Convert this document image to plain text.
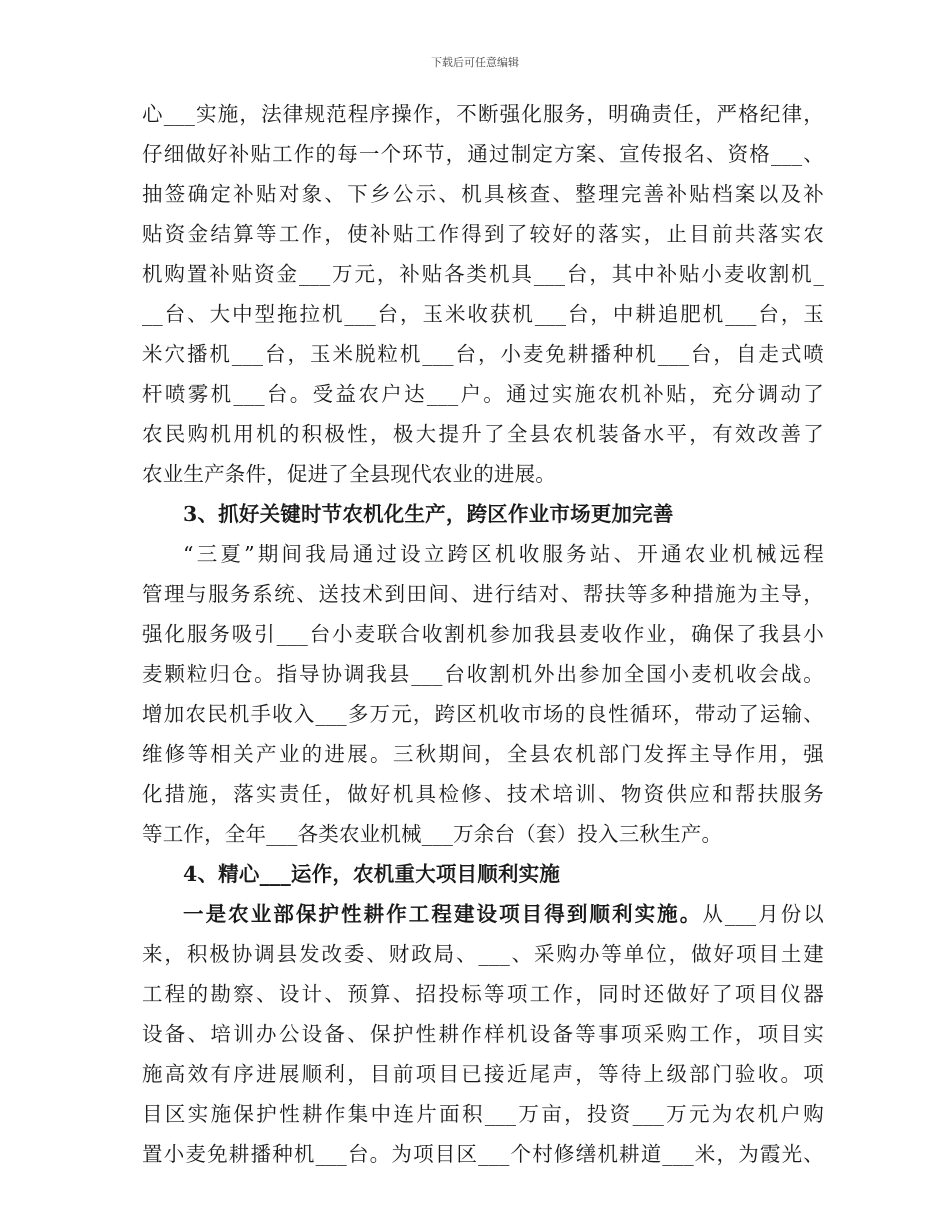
下载后可任意编辑
心___实施，法律规范程序操作，不断强化服务，明确责任，严格纪律，
仔细做好补贴工作的每一个环节，通过制定方案、宣传报名、资格___、
抽签确定补贴对象、下乡公示、机具核查、整理完善补贴档案以及补
贴资金结算等工作，使补贴工作得到了较好的落实，止目前共落实农
机购置补贴资金___万元，补贴各类机具___台，其中补贴小麦收割机_
__台、大中型拖拉机___台，玉米收获机___台，中耕追肥机___台，玉
米穴播机___台，玉米脱粒机___台，小麦免耕播种机___台，自走式喷
杆喷雾机___台。受益农户达___户。通过实施农机补贴，充分调动了
农民购机用机的积极性，极大提升了全县农机装备水平，有效改善了
农业生产条件，促进了全县现代农业的进展。
3、抓好关键时节农机化生产，跨区作业市场更加完善
“三夏”期间我局通过设立跨区机收服务站、开通农业机械远程
管理与服务系统、送技术到田间、进行结对、帮扶等多种措施为主导，
强化服务吸引___台小麦联合收割机参加我县麦收作业，确保了我县小
麦颗粒归仓。指导协调我县___台收割机外出参加全国小麦机收会战。
增加农民机手收入___多万元，跨区机收市场的良性循环，带动了运输、
维修等相关产业的进展。三秋期间，全县农机部门发挥主导作用，强
化措施，落实责任，做好机具检修、技术培训、物资供应和帮扶服务
等工作，全年___各类农业机械___万余台（套）投入三秋生产。
4、精心___运作，农机重大项目顺利实施
一是农业部保护性耕作工程建设项目得到顺利实施。从___月份以
来，积极协调县发改委、财政局、___、采购办等单位，做好项目土建
工程的勘察、设计、预算、招投标等项工作，同时还做好了项目仪器
设备、培训办公设备、保护性耕作样机设备等事项采购工作，项目实
施高效有序进展顺利，目前项目已接近尾声，等待上级部门验收。项
目区实施保护性耕作集中连片面积___万亩，投资___万元为农机户购
置小麦免耕播种机___台。为项目区___个村修缮机耕道___米，为霞光、
